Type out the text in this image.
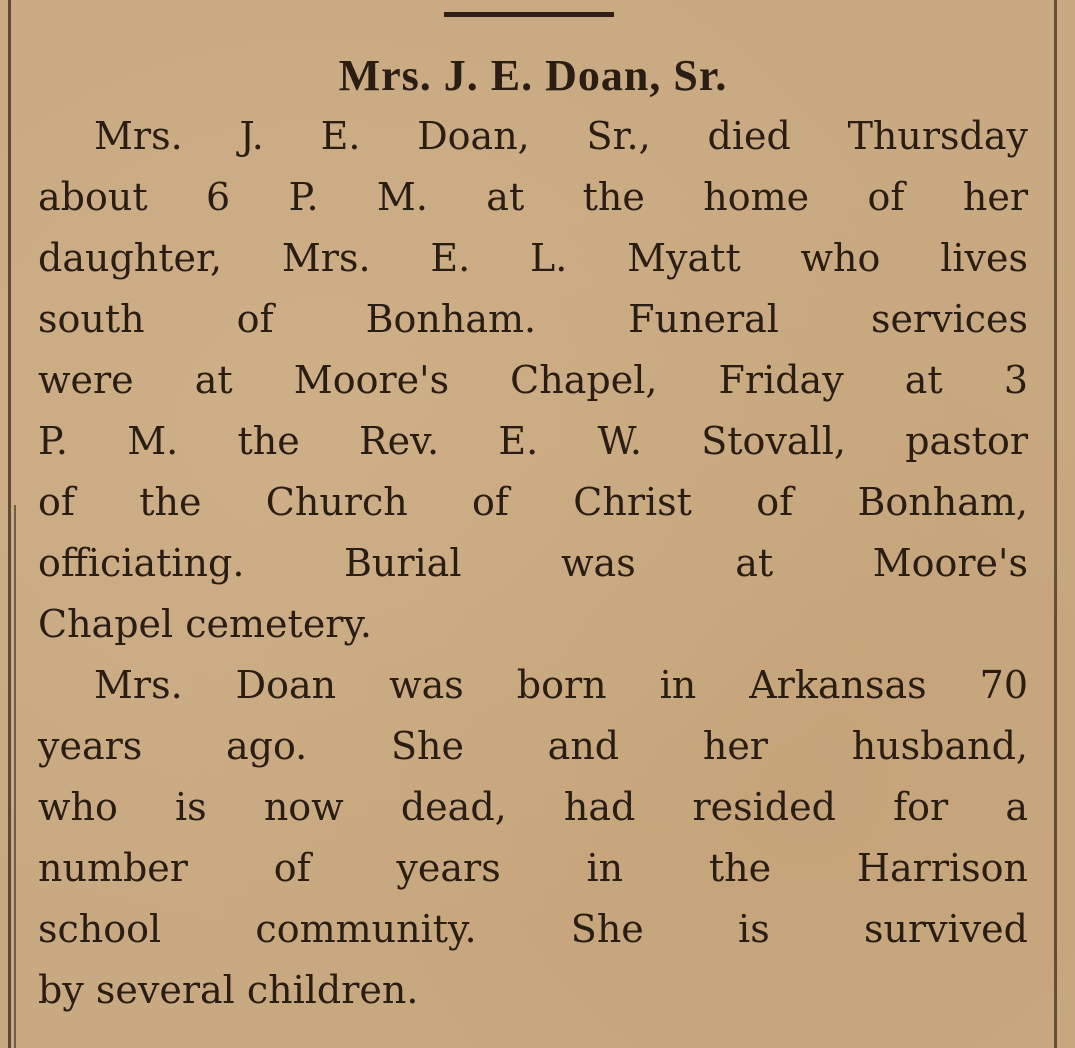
Mrs. J. E. Doan, Sr.
Mrs. J. E. Doan, Sr., died Thursday
about 6 P. M. at the home of her
daughter, Mrs. E. L. Myatt who lives
south of Bonham. Funeral services
were at Moore's Chapel, Friday at 3
P. M. the Rev. E. W. Stovall, pastor
of the Church of Christ of Bonham,
officiating. Burial was at Moore's
Chapel cemetery.
Mrs. Doan was born in Arkansas 70
years ago. She and her husband,
who is now dead, had resided for a
number of years in the Harrison
school community. She is survived
by several children.
